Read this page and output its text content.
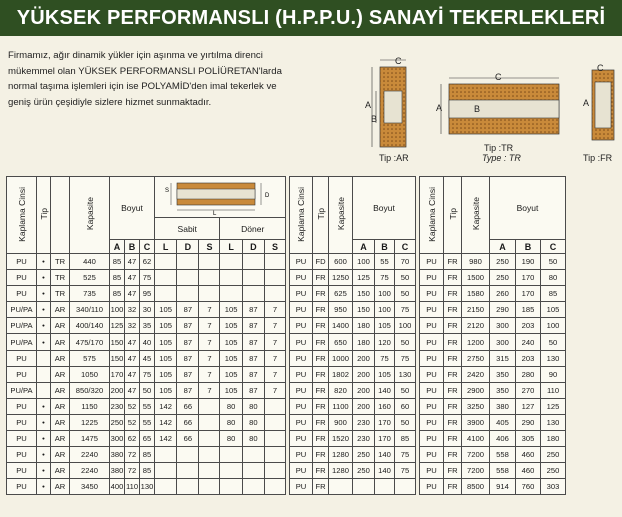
YÜKSEK PERFORMANSLI (H.P.P.U.) SANAYİ TEKERLEKLERİ
Firmamız, ağır dinamik yükler için aşınma ve yırtılma direnci
mükemmel olan YÜKSEK PERFORMANSLI POLİÜRETAN'larda
normal taşıma işlemleri için ise POLYAMİD'den imal tekerlek ve
geniş ürün çeşidiyle sizlere hizmet sunmaktadır.
C
A
B
Tip :AR
C
A	B
Tip :TR
Type : TR
C
A
Tip :FR
Kaplama Cinsi	Tip		Kapasite	Boyut			S
D
L							Kaplama Cinsi	Tip	Kapasite	Boyut				Kaplama Cinsi	Tip	Kapasite	Boyut		
							Sabit			Döner																
				A	B	C	L	D	S	L	D	S					A	B	C					A	B	C
PU	•	TR	440	85	47	62								PU	FD	600	100	55	70		PU	FR	980	250	190	50
PU	•	TR	525	85	47	75								PU	FR	1250	125	75	50		PU	FR	1500	250	170	80
PU	•	TR	735	85	47	95								PU	FR	625	150	100	50		PU	FR	1580	260	170	85
PU/PA	•	AR	340/110	100	32	30	105	87	7	105	87	7		PU	FR	950	150	100	75		PU	FR	2150	290	185	105
PU/PA	•	AR	400/140	125	32	35	105	87	7	105	87	7		PU	FR	1400	180	105	100		PU	FR	2120	300	203	100
PU/PA	•	AR	475/170	150	47	40	105	87	7	105	87	7		PU	FR	650	180	120	50		PU	FR	1200	300	240	50
PU		AR	575	150	47	45	105	87	7	105	87	7		PU	FR	1000	200	75	75		PU	FR	2750	315	203	130
PU		AR	1050	170	47	75	105	87	7	105	87	7		PU	FR	1802	200	105	130		PU	FR	2420	350	280	90
PU/PA		AR	850/320	200	47	50	105	87	7	105	87	7		PU	FR	820	200	140	50		PU	FR	2900	350	270	110
PU	•	AR	1150	230	52	55	142	66		80	80			PU	FR	1100	200	160	60		PU	FR	3250	380	127	125
PU	•	AR	1225	250	52	55	142	66		80	80			PU	FR	900	230	170	50		PU	FR	3900	405	290	130
PU	•	AR	1475	300	62	65	142	66		80	80			PU	FR	1520	230	170	85		PU	FR	4100	406	305	180
PU	•	AR	2240	380	72	85								PU	FR	1280	250	140	75		PU	FR	7200	558	460	250
PU	•	AR	2240	380	72	85								PU	FR	1280	250	140	75		PU	FR	7200	558	460	250
PU	•	AR	3450	400	110	130								PU	FR						PU	FR	8500	914	760	303
